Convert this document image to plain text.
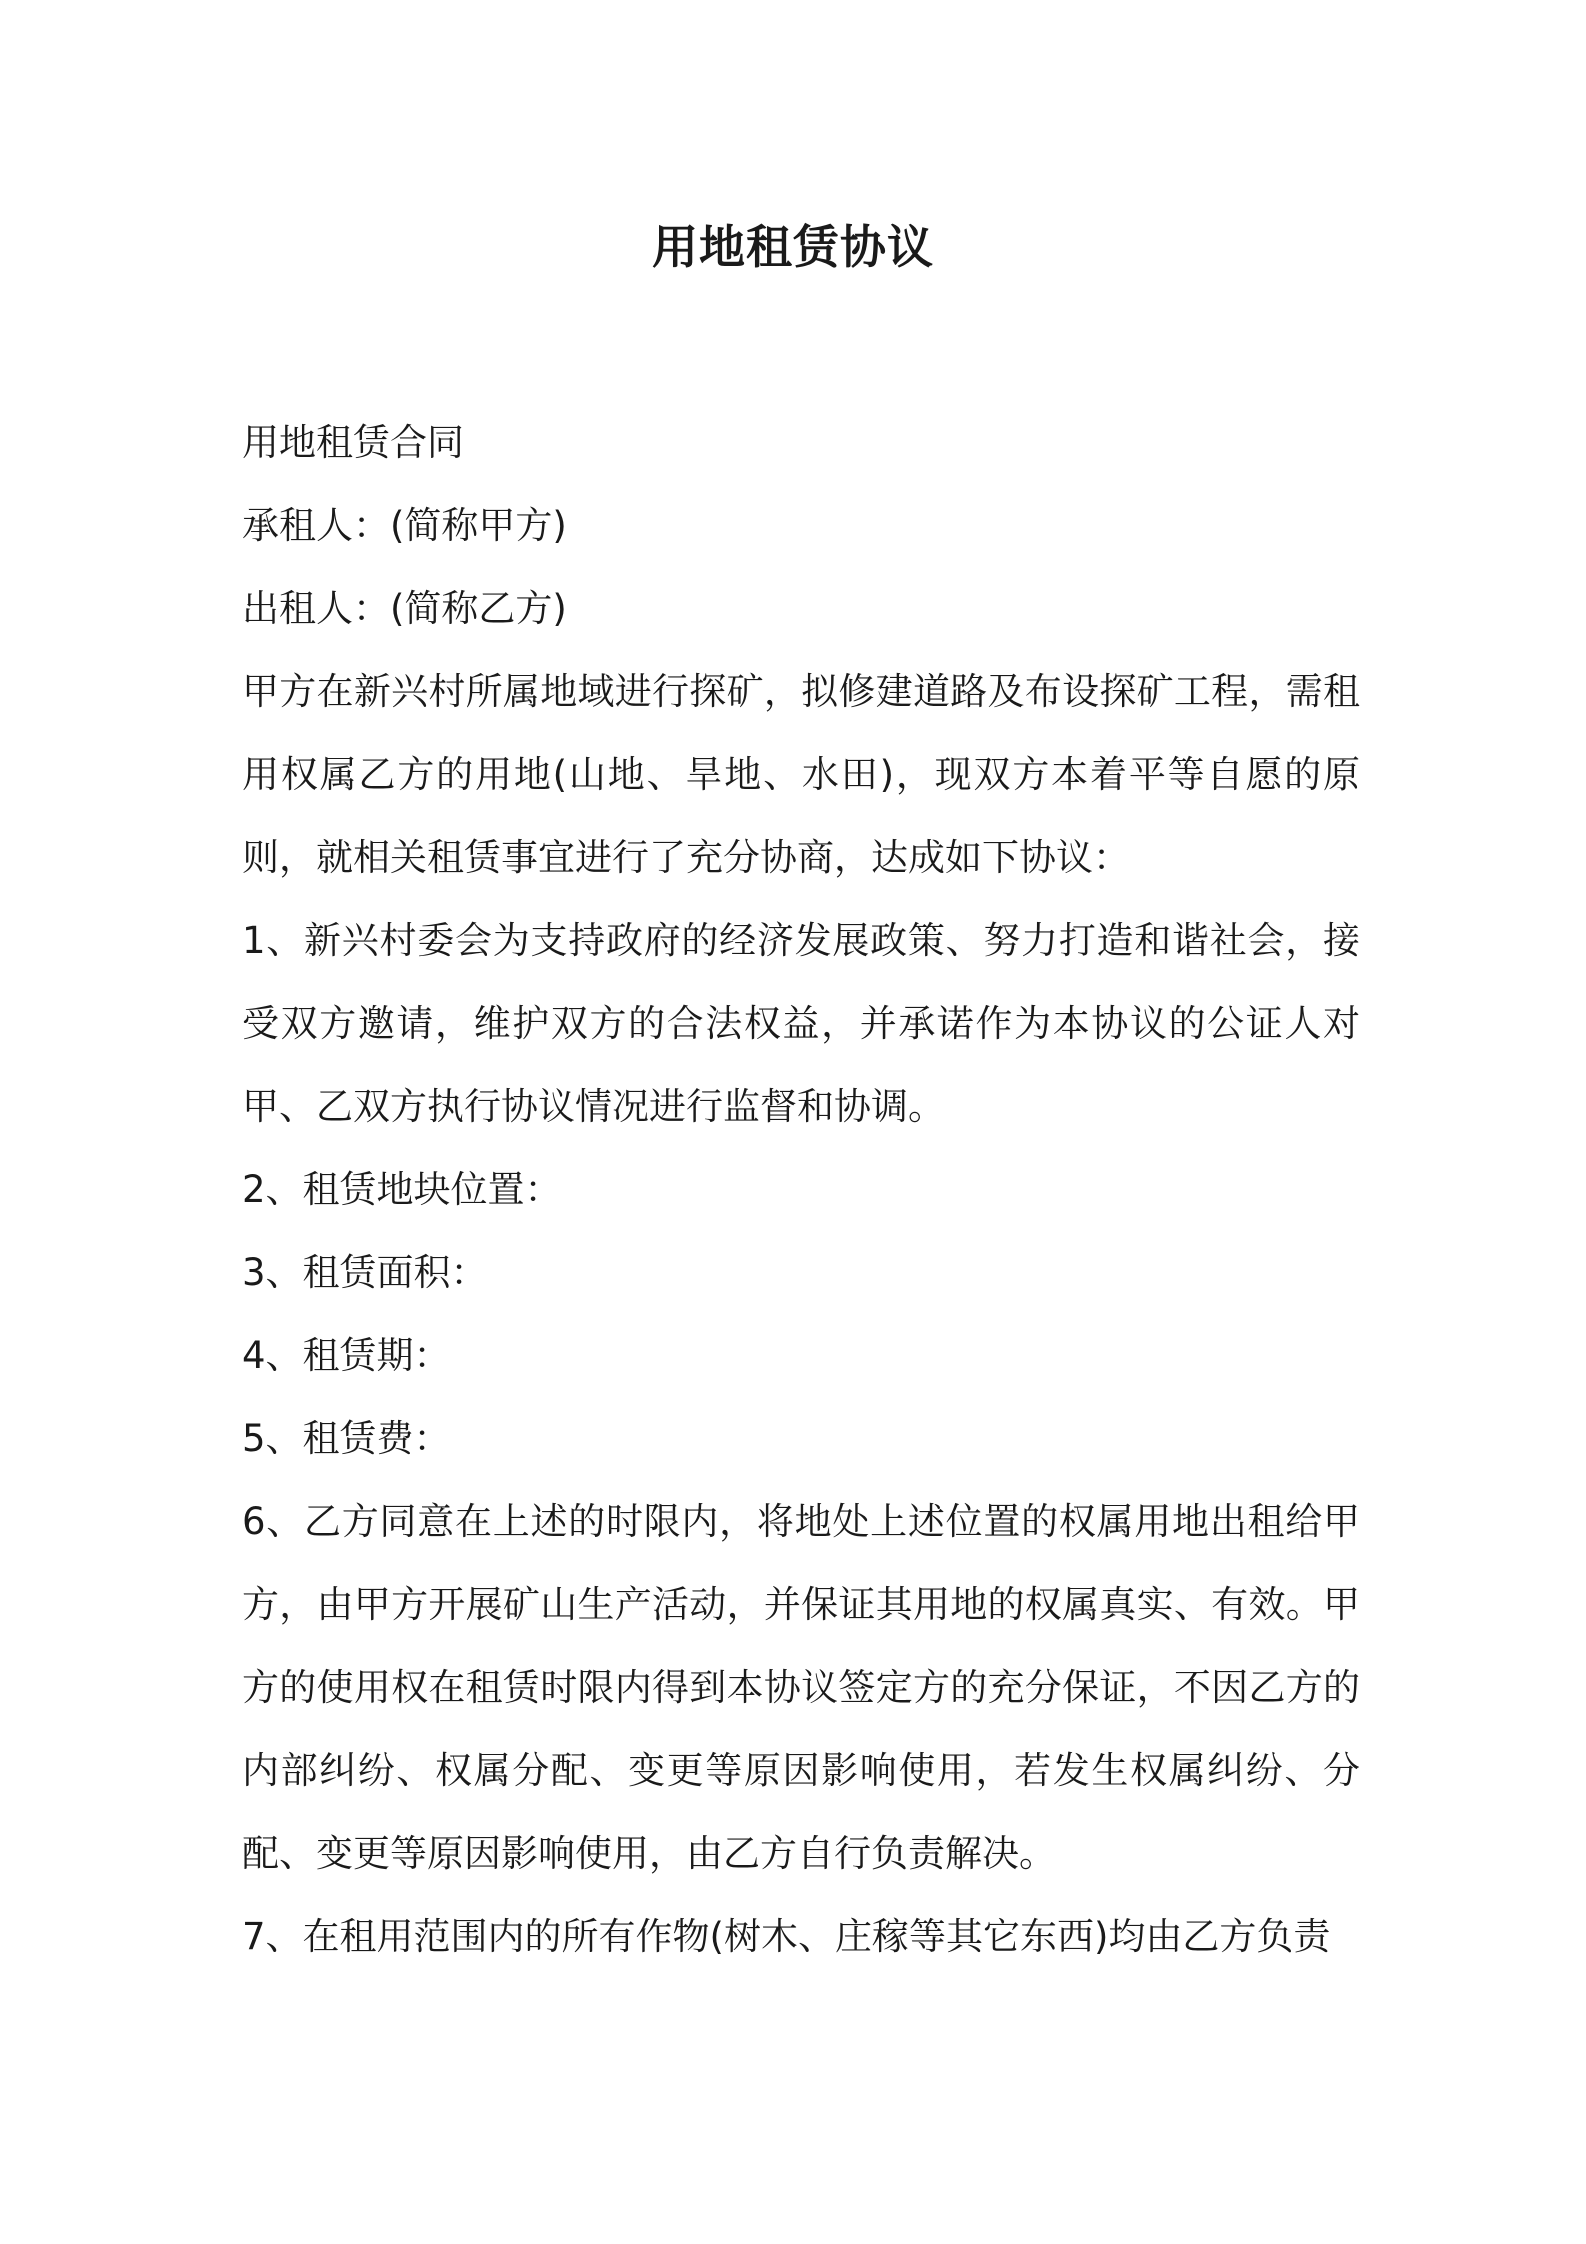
用地租赁协议

用地租赁合同

承租人：(简称甲方)

出租人：(简称乙方)

甲方在新兴村所属地域进行探矿，拟修建道路及布设探矿工程，需租用权属乙方的用地(山地、旱地、水田)，现双方本着平等自愿的原则，就相关租赁事宜进行了充分协商，达成如下协议：

1、新兴村委会为支持政府的经济发展政策、努力打造和谐社会，接受双方邀请，维护双方的合法权益，并承诺作为本协议的公证人对甲、乙双方执行协议情况进行监督和协调。

2、租赁地块位置：

3、租赁面积：

4、租赁期：

5、租赁费：

6、乙方同意在上述的时限内，将地处上述位置的权属用地出租给甲方，由甲方开展矿山生产活动，并保证其用地的权属真实、有效。甲方的使用权在租赁时限内得到本协议签定方的充分保证，不因乙方的内部纠纷、权属分配、变更等原因影响使用，若发生权属纠纷、分配、变更等原因影响使用，由乙方自行负责解决。

7、在租用范围内的所有作物(树木、庄稼等其它东西)均由乙方负责
